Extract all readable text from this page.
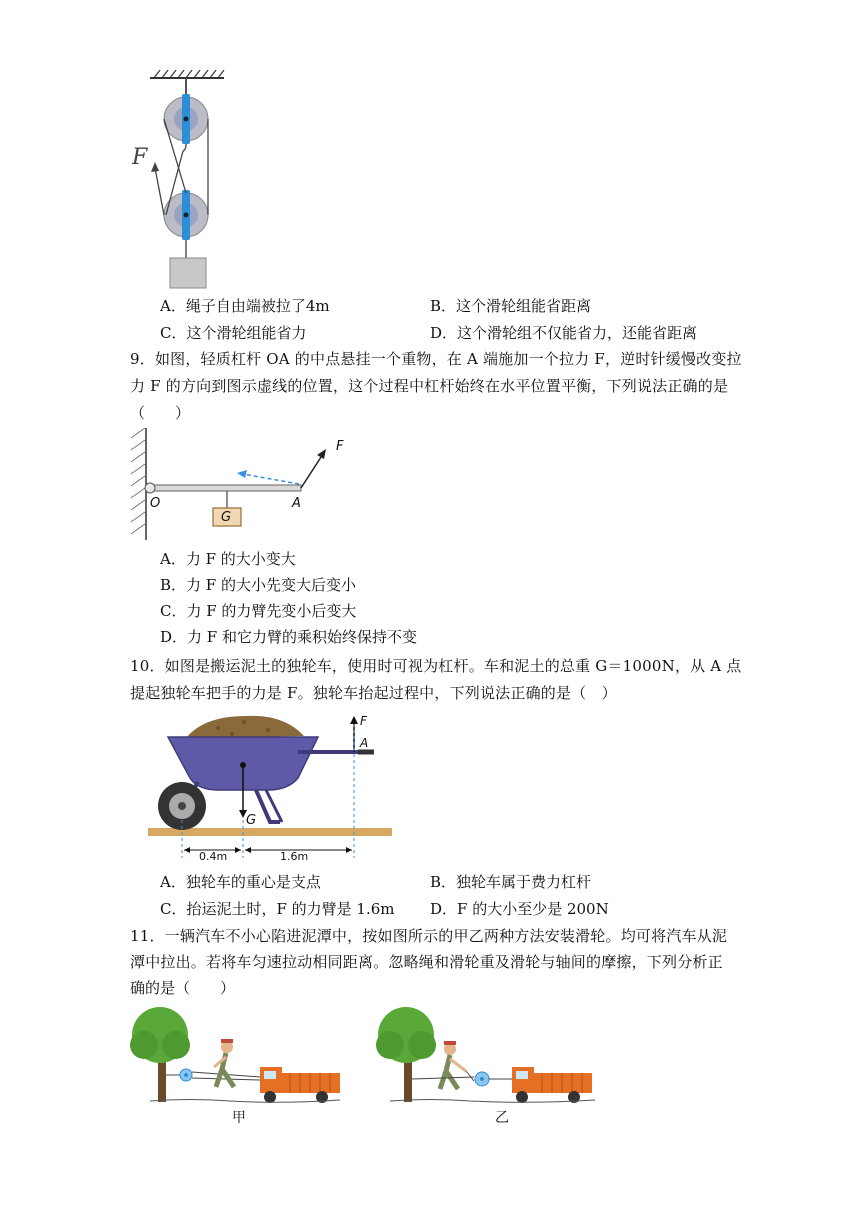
F
A．绳子自由端被拉了4m	B．这个滑轮组能省距离
C．这个滑轮组能省力	D．这个滑轮组不仅能省力，还能省距离
9．如图，轻质杠杆 OA 的中点悬挂一个重物，在 A 端施加一个拉力 F，逆时针缓慢改变拉
力 F 的方向到图示虚线的位置，这个过程中杠杆始终在水平位置平衡，下列说法正确的是
（　　）
F
O	A
G
A．力 F 的大小变大
B．力 F 的大小先变大后变小
C．力 F 的力臂先变小后变大
D．力 F 和它力臂的乘积始终保持不变
10．如图是搬运泥土的独轮车，使用时可视为杠杆。车和泥土的总重 G＝1000N，从 A 点
提起独轮车把手的力是 F。独轮车抬起过程中，下列说法正确的是（　）
F
A
G
0.4m	1.6m
A．独轮车的重心是支点	B．独轮车属于费力杠杆
C．抬运泥土时，F 的力臂是 1.6m D．F 的大小至少是 200N
11．一辆汽车不小心陷进泥潭中，按如图所示的甲乙两种方法安装滑轮。均可将汽车从泥
潭中拉出。若将车匀速拉动相同距离。忽略绳和滑轮重及滑轮与轴间的摩擦，下列分析正
确的是（　　）
甲	乙
